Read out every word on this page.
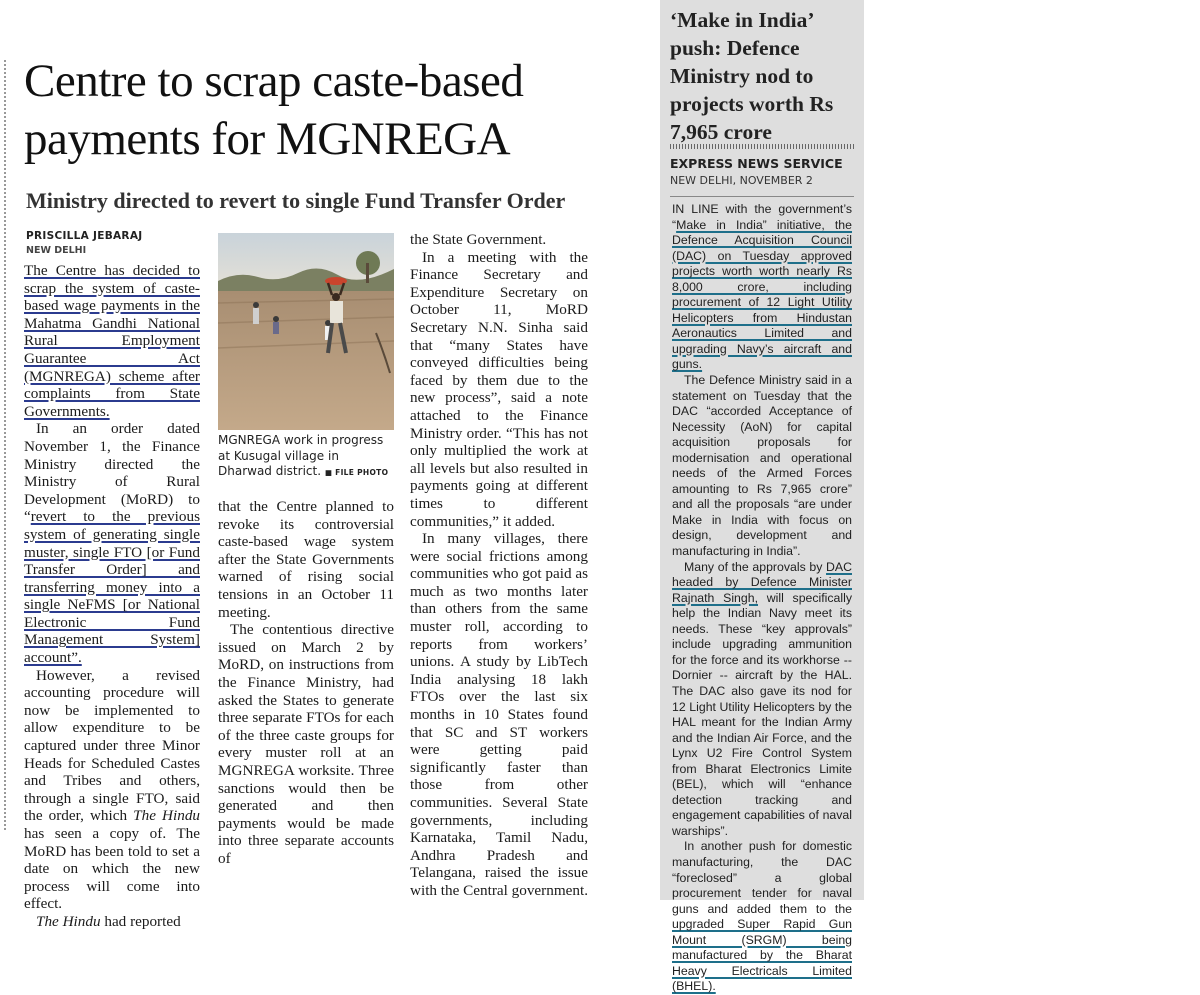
Centre to scrap caste-based payments for MGNREGA
Ministry directed to revert to single Fund Transfer Order
PRISCILLA JEBARAJ
NEW DELHI

The Centre has decided to scrap the system of caste-based wage payments in the Mahatma Gandhi National Rural Employment Guarantee Act (MGNREGA) scheme after complaints from State Governments.

In an order dated November 1, the Finance Ministry directed the Ministry of Rural Development (MoRD) to “revert to the previous system of generating single muster, single FTO [or Fund Transfer Order] and transferring money into a single NeFMS [or National Electronic Fund Management System] account”.

However, a revised accounting procedure will now be implemented to allow expenditure to be captured under three Minor Heads for Scheduled Castes and Tribes and others, through a single FTO, said the order, which The Hindu has seen a copy of. The MoRD has been told to set a date on which the new process will come into effect.

The Hindu had reported

MGNREGA work in progress at Kusugal village in Dharwad district. ■ FILE PHOTO

that the Centre planned to revoke its controversial caste-based wage system after the State Governments warned of rising social tensions in an October 11 meeting.

The contentious directive issued on March 2 by MoRD, on instructions from the Finance Ministry, had asked the States to generate three separate FTOs for each of the three caste groups for every muster roll at an MGNREGA worksite. Three sanctions would then be generated and then payments would be made into three separate accounts of

the State Government.

In a meeting with the Finance Secretary and Expenditure Secretary on October 11, MoRD Secretary N.N. Sinha said that “many States have conveyed difficulties being faced by them due to the new process”, said a note attached to the Finance Ministry order. “This has not only multiplied the work at all levels but also resulted in payments going at different times to different communities,” it added.

In many villages, there were social frictions among communities who got paid as much as two months later than others from the same muster roll, according to reports from workers’ unions. A study by LibTech India analysing 18 lakh FTOs over the last six months in 10 States found that SC and ST workers were getting paid significantly faster than those from other communities. Several State governments, including Karnataka, Tamil Nadu, Andhra Pradesh and Telangana, raised the issue with the Central government.

‘Make in India’ push: Defence Ministry nod to projects worth Rs 7,965 crore
EXPRESS NEWS SERVICE
NEW DELHI, NOVEMBER 2

IN LINE with the government’s “Make in India” initiative, the Defence Acquisition Council (DAC) on Tuesday approved projects worth worth nearly Rs 8,000 crore, including procurement of 12 Light Utility Helicopters from Hindustan Aeronautics Limited and upgrading Navy’s aircraft and guns.

The Defence Ministry said in a statement on Tuesday that the DAC “accorded Acceptance of Necessity (AoN) for capital acquisition proposals for modernisation and operational needs of the Armed Forces amounting to Rs 7,965 crore” and all the proposals “are under Make in India with focus on design, development and manufacturing in India”.

Many of the approvals by DAC headed by Defence Minister Rajnath Singh, will specifically help the Indian Navy meet its needs. These “key approvals” include upgrading ammunition for the force and its workhorse -- Dornier -- aircraft by the HAL. The DAC also gave its nod for 12 Light Utility Helicopters by the HAL meant for the Indian Army and the Indian Air Force, and the Lynx U2 Fire Control System from Bharat Electronics Limite (BEL), which will “enhance detection tracking and engagement capabilities of naval warships”.

In another push for domestic manufacturing, the DAC “foreclosed” a global procurement tender for naval guns and added them to the upgraded Super Rapid Gun Mount (SRGM) being manufactured by the Bharat Heavy Electricals Limited (BHEL).
